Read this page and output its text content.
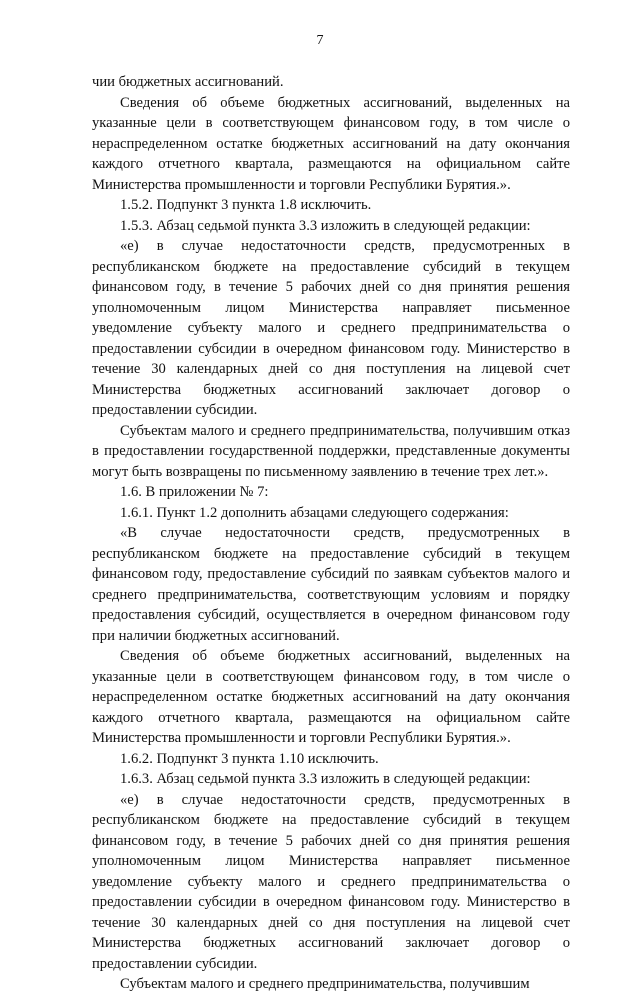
7

чии бюджетных ассигнований.

Сведения об объеме бюджетных ассигнований, выделенных на указанные цели в соответствующем финансовом году, в том числе о нераспределенном остатке бюджетных ассигнований на дату окончания каждого отчетного квартала, размещаются на официальном сайте Министерства промышленности и торговли Республики Бурятия.».

1.5.2. Подпункт 3 пункта 1.8 исключить.

1.5.3. Абзац седьмой пункта 3.3 изложить в следующей редакции:

«е) в случае недостаточности средств, предусмотренных в республиканском бюджете на предоставление субсидий в текущем финансовом году, в течение 5 рабочих дней со дня принятия решения уполномоченным лицом Министерства направляет письменное уведомление субъекту малого и среднего предпринимательства о предоставлении субсидии в очередном финансовом году. Министерство в течение 30 календарных дней со дня поступления на лицевой счет Министерства бюджетных ассигнований заключает договор о предоставлении субсидии.

Субъектам малого и среднего предпринимательства, получившим отказ в предоставлении государственной поддержки, представленные документы могут быть возвращены по письменному заявлению в течение трех лет.».

1.6. В приложении № 7:

1.6.1. Пункт 1.2 дополнить абзацами следующего содержания:

«В случае недостаточности средств, предусмотренных в республиканском бюджете на предоставление субсидий в текущем финансовом году, предоставление субсидий по заявкам субъектов малого и среднего предпринимательства, соответствующим условиям и порядку предоставления субсидий, осуществляется в очередном финансовом году при наличии бюджетных ассигнований.

Сведения об объеме бюджетных ассигнований, выделенных на указанные цели в соответствующем финансовом году, в том числе о нераспределенном остатке бюджетных ассигнований на дату окончания каждого отчетного квартала, размещаются на официальном сайте Министерства промышленности и торговли Республики Бурятия.».

1.6.2. Подпункт 3 пункта 1.10 исключить.

1.6.3. Абзац седьмой пункта 3.3 изложить в следующей редакции:

«е) в случае недостаточности средств, предусмотренных в республиканском бюджете на предоставление субсидий в текущем финансовом году, в течение 5 рабочих дней со дня принятия решения уполномоченным лицом Министерства направляет письменное уведомление субъекту малого и среднего предпринимательства о предоставлении субсидии в очередном финансовом году. Министерство в течение 30 календарных дней со дня поступления на лицевой счет Министерства бюджетных ассигнований заключает договор о предоставлении субсидии.

Субъектам малого и среднего предпринимательства, получившим
